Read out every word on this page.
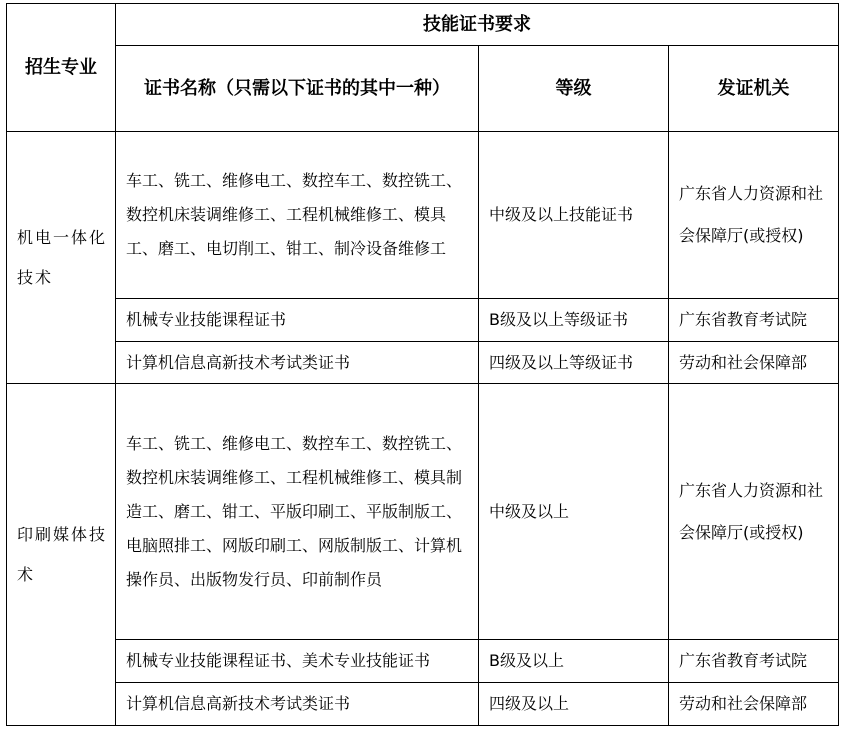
招生专业	技能证书要求		
	证书名称（只需以下证书的其中一种）	等级	发证机关
机电一体化技术	车工、铣工、维修电工、数控车工、数控铣工、数控机床装调维修工、工程机械维修工、模具工、磨工、电切削工、钳工、制冷设备维修工	中级及以上技能证书	广东省人力资源和社会保障厅(或授权)
	机械专业技能课程证书	B级及以上等级证书	广东省教育考试院
	计算机信息高新技术考试类证书	四级及以上等级证书	劳动和社会保障部
印刷媒体技术	车工、铣工、维修电工、数控车工、数控铣工、数控机床装调维修工、工程机械维修工、模具制造工、磨工、钳工、平版印刷工、平版制版工、电脑照排工、网版印刷工、网版制版工、计算机操作员、出版物发行员、印前制作员	中级及以上	广东省人力资源和社会保障厅(或授权)
	机械专业技能课程证书、美术专业技能证书	B级及以上	广东省教育考试院
	计算机信息高新技术考试类证书	四级及以上	劳动和社会保障部
